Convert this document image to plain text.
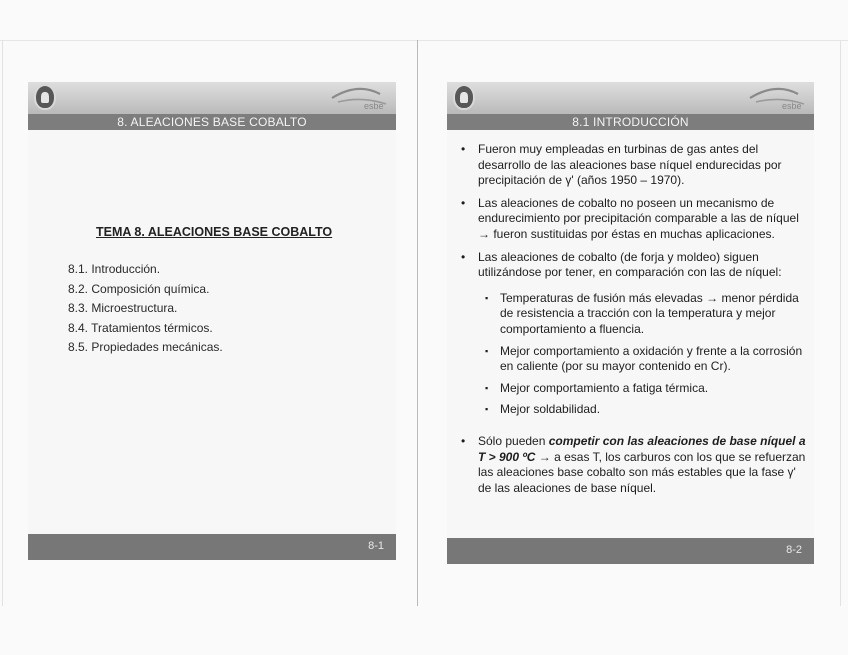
esbe
8. ALEACIONES BASE COBALTO
TEMA 8. ALEACIONES BASE COBALTO
8.1. Introducción.
8.2. Composición química.
8.3. Microestructura.
8.4. Tratamientos térmicos.
8.5. Propiedades mecánicas.
8-1
esbe
8.1 INTRODUCCIÓN
• Fueron muy empleadas en turbinas de gas antes del desarrollo de las aleaciones base níquel endurecidas por precipitación de γ' (años 1950 – 1970).
• Las aleaciones de cobalto no poseen un mecanismo de endurecimiento por precipitación comparable a las de níquel → fueron sustituidas por éstas en muchas aplicaciones.
• Las aleaciones de cobalto (de forja y moldeo) siguen utilizándose por tener, en comparación con las de níquel:
▪ Temperaturas de fusión más elevadas → menor pérdida de resistencia a tracción con la temperatura y mejor comportamiento a fluencia.
▪ Mejor comportamiento a oxidación y frente a la corrosión en caliente (por su mayor contenido en Cr).
▪ Mejor comportamiento a fatiga térmica.
▪ Mejor soldabilidad.
• Sólo pueden competir con las aleaciones de base níquel a T > 900 ºC → a esas T, los carburos con los que se refuerzan las aleaciones base cobalto son más estables que la fase γ' de las aleaciones de base níquel.
8-2
